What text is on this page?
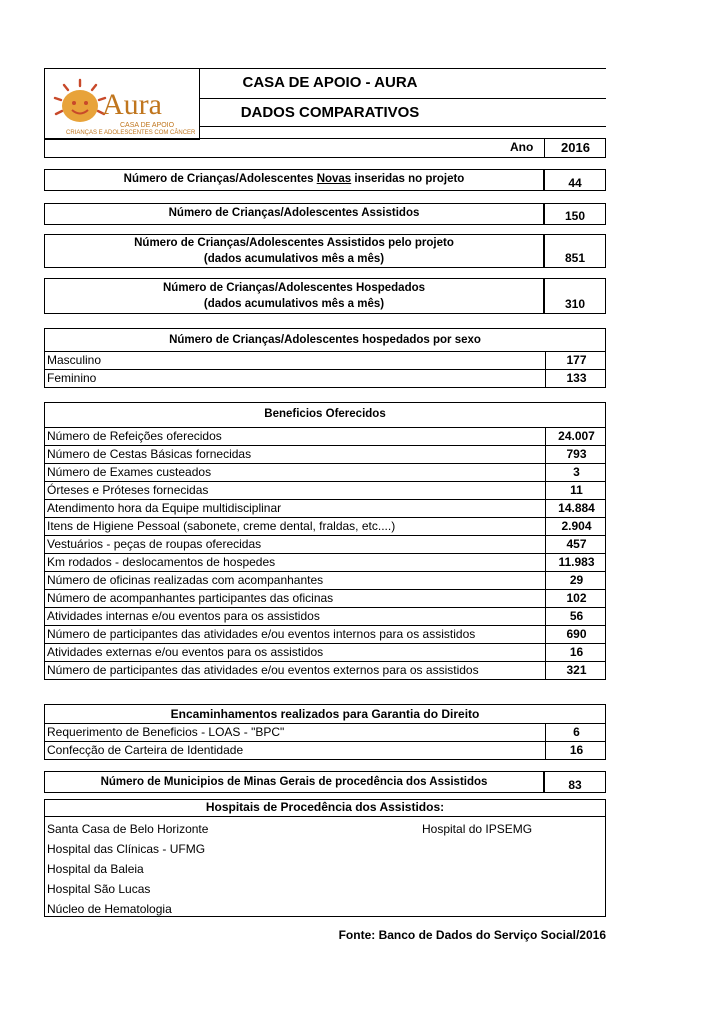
Aura
CASA DE APOIO
CRIANÇAS E ADOLESCENTES COM CÂNCER
CASA DE APOIO - AURA
DADOS COMPARATIVOS
Ano	2016
Número de Crianças/Adolescentes Novas inseridas no projeto	44
Número de Crianças/Adolescentes Assistidos	150
Número de Crianças/Adolescentes Assistidos pelo projeto
(dados acumulativos mês a mês)	851
Número de Crianças/Adolescentes Hospedados
(dados acumulativos mês a mês)	310
Número de Crianças/Adolescentes hospedados por sexo
Masculino	177
Feminino	133
Beneficios Oferecidos
Número de Refeições oferecidos	24.007
Número de Cestas Básicas fornecidas	793
Número de Exames custeados	3
Órteses e Próteses fornecidas	11
Atendimento hora da Equipe multidisciplinar	14.884
Itens de Higiene Pessoal (sabonete, creme dental, fraldas, etc....)	2.904
Vestuários - peças de roupas oferecidas	457
Km rodados - deslocamentos de hospedes	11.983
Número de oficinas realizadas com acompanhantes	29
Número de acompanhantes participantes das oficinas	102
Atividades internas e/ou eventos para os assistidos	56
Número de participantes das atividades e/ou eventos internos para os assistidos	690
Atividades externas e/ou eventos para os assistidos	16
Número de participantes das atividades e/ou eventos externos para os assistidos	321
Encaminhamentos realizados para Garantia do Direito
Requerimento de Beneficios - LOAS - "BPC"	6
Confecção de Carteira de Identidade	16
Número de Municipios de Minas Gerais de procedência dos Assistidos	83
Hospitais de Procedência dos Assistidos:
Santa Casa de Belo Horizonte
Hospital das Clínicas - UFMG
Hospital da Baleia
Hospital São Lucas
Núcleo de Hematologia
Hospital do IPSEMG
Fonte: Banco de Dados do Serviço Social/2016
